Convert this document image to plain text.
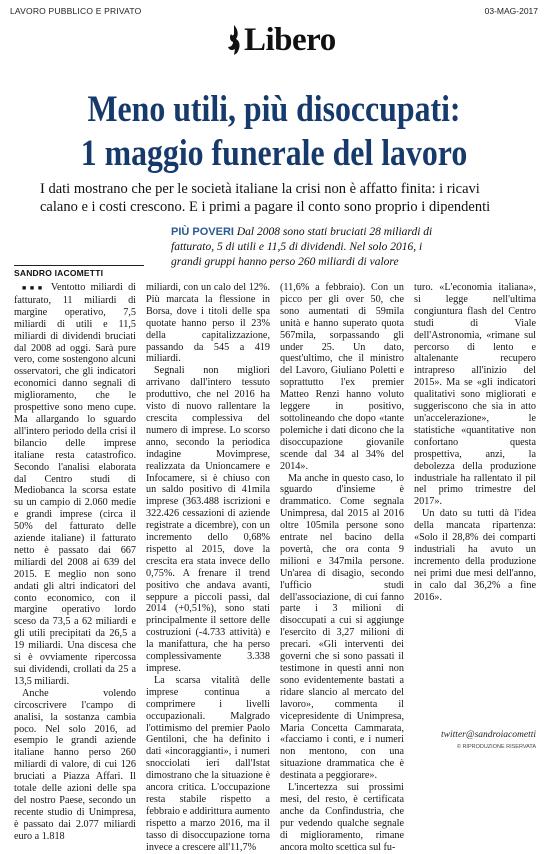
LAVORO PUBBLICO E PRIVATO	03-MAG-2017
Libero
Meno utili, più disoccupati:
1 maggio funerale del lavoro
I dati mostrano che per le società italiane la crisi non è affatto finita: i ricavi calano e i costi crescono. E i primi a pagare il conto sono proprio i dipendenti
PIÙ POVERI Dal 2008 sono stati bruciati 28 miliardi di fatturato, 5 di utili e 11,5 di dividendi. Nel solo 2016, i grandi gruppi hanno perso 260 miliardi di valore
SANDRO IACOMETTI

■■■ Ventotto miliardi di fatturato, 11 miliardi di margine operativo, 7,5 miliardi di utili e 11,5 miliardi di dividendi bruciati dal 2008 ad oggi. Sarà pure vero, come sostengono alcuni osservatori, che gli indicatori economici danno segnali di miglioramento, che le prospettive sono meno cupe. Ma allargando lo sguardo all'intero periodo della crisi il bilancio delle imprese italiane resta catastrofico. Secondo l'analisi elaborata dal Centro studi di Mediobanca la scorsa estate su un campio di 2.060 medie e grandi imprese (circa il 50% del fatturato delle aziende italiane) il fatturato netto è passato dai 667 miliardi del 2008 ai 639 del 2015. E meglio non sono andati gli altri indicatori del conto economico, con il margine operativo lordo sceso da 73,5 a 62 miliardi e gli utili precipitati da 26,5 a 19 miliardi. Una discesa che si è ovviamente ripercossa sui dividendi, crollati da 25 a 13,5 miliardi.

Anche volendo circoscrivere l'campo di analisi, la sostanza cambia poco. Nel solo 2016, ad esempio le grandi aziende italiane hanno perso 260 miliardi di valore, di cui 126 bruciati a Piazza Affari. Il totale delle azioni delle spa del nostro Paese, secondo un recente studio di Unimpresa, è passato dai 2.077 miliardi euro a 1.818

miliardi, con un calo del 12%. Più marcata la flessione in Borsa, dove i titoli delle spa quotate hanno perso il 23% della capitalizzazione, passando da 545 a 419 miliardi.

Segnali non migliori arrivano dall'intero tessuto produttivo, che nel 2016 ha visto di nuovo rallentare la crescita complessiva del numero di imprese. Lo scorso anno, secondo la periodica indagine Movimprese, realizzata da Unioncamere e Infocamere, si è chiuso con un saldo positivo di 41mila imprese (363.488 iscrizioni e 322.426 cessazioni di aziende registrate a dicembre), con un incremento dello 0,68% rispetto al 2015, dove la crescita era stata invece dello 0,75%. A frenare il trend positivo che andava avanti, seppure a piccoli passi, dal 2014 (+0,51%), sono stati principalmente il settore delle costruzioni (-4.733 attività) e la manifattura, che ha perso complessivamente 3.338 imprese.

La scarsa vitalità delle imprese continua a comprimere i livelli occupazionali. Malgrado l'ottimismo del premier Paolo Gentiloni, che ha definito i dati «incoraggianti», i numeri snocciolati ieri dall'Istat dimostrano che la situazione è ancora critica. L'occupazione resta stabile rispetto a febbraio e addirittura aumento rispetto a marzo 2016, ma il tasso di disoccupazione torna invece a crescere all'11,7%

(11,6% a febbraio). Con un picco per gli over 50, che sono aumentati di 59mila unità e hanno superato quota 567mila, sorpassando gli under 25. Un dato, quest'ultimo, che il ministro del Lavoro, Giuliano Poletti e soprattutto l'ex premier Matteo Renzi hanno voluto leggere in positivo, sottolineando che dopo «tante polemiche i dati dicono che la disoccupazione giovanile scende dal 34 al 34% del 2014».

Ma anche in questo caso, lo sguardo d'insieme è drammatico. Come segnala Unimpresa, dal 2015 al 2016 oltre 105mila persone sono entrate nel bacino della povertà, che ora conta 9 milioni e 347mila persone. Un'area di disagio, secondo l'ufficio studi dell'associazione, di cui fanno parte i 3 milioni di disoccupati a cui si aggiunge l'esercito di 3,27 milioni di precari. «Gli interventi dei governi che si sono passati il testimone in questi anni non sono evidentemente bastati a ridare slancio al mercato del lavoro», commenta il vicepresidente di Unimpresa, Maria Concetta Cammarata, «facciamo i conti, e i numeri non mentono, con una situazione drammatica che è destinata a peggiorare».

L'incertezza sui prossimi mesi, del resto, è certificata anche da Confindustria, che pur vedendo qualche segnale di miglioramento, rimane ancora molto scettica sul fu-

turo. «L'economia italiana», si legge nell'ultima congiuntura flash del Centro studi di Viale dell'Astronomia, «rimane sul percorso di lento e altalenante recupero intrapreso all'inizio del 2015». Ma se «gli indicatori qualitativi sono migliorati e suggeriscono che sia in atto un'accelerazione», le statistiche «quantitative non confortano questa prospettiva, anzi, la debolezza della produzione industriale ha rallentato il pil nel primo trimestre del 2017».

Un dato su tutti dà l'idea della mancata ripartenza: «Solo il 28,8% dei comparti industriali ha avuto un incremento della produzione nei primi due mesi dell'anno, in calo dal 36,2% a fine 2016».

twitter@sandroiacometti
© RIPRODUZIONE RISERVATA
